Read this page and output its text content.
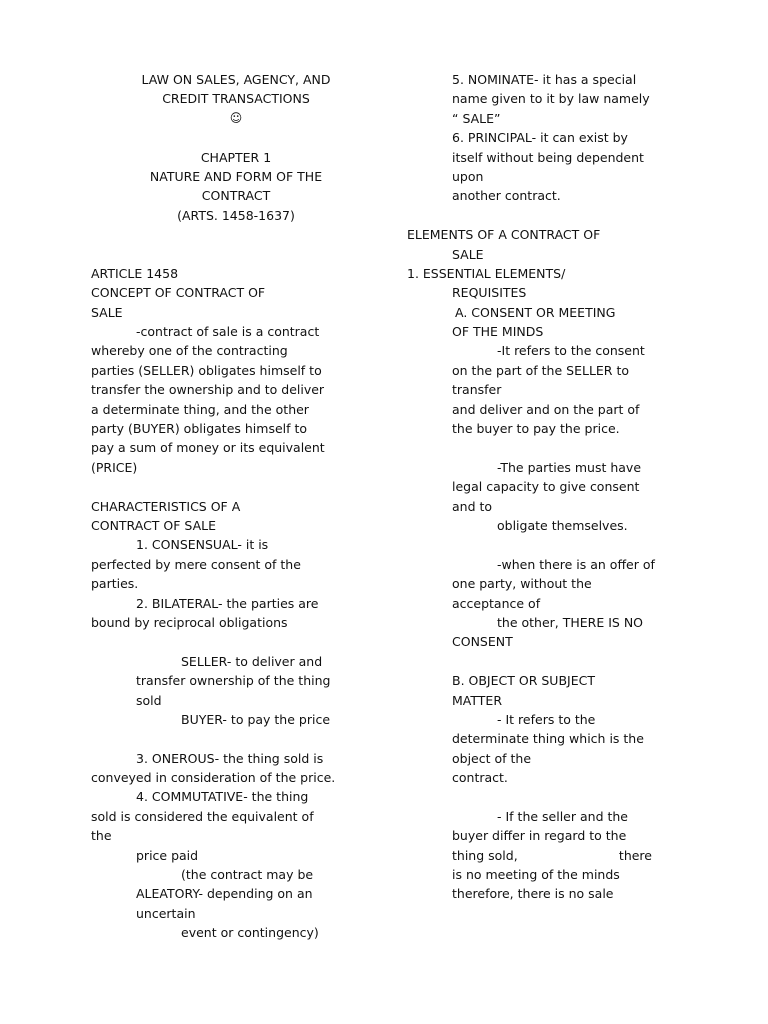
LAW ON SALES, AGENCY, AND
CREDIT TRANSACTIONS
☺
CHAPTER 1
NATURE AND FORM OF THE
CONTRACT
(ARTS. 1458-1637)
ARTICLE 1458
CONCEPT OF CONTRACT OF
SALE
-contract of sale is a contract
whereby one of the contracting
parties (SELLER) obligates himself to
transfer the ownership and to deliver
a determinate thing, and the other
party (BUYER) obligates himself to
pay a sum of money or its equivalent
(PRICE)
CHARACTERISTICS OF A
CONTRACT OF SALE
1. CONSENSUAL- it is
perfected by mere consent of the
parties.
2. BILATERAL- the parties are
bound by reciprocal obligations
SELLER- to deliver and
transfer ownership of the thing
sold
BUYER- to pay the price
3. ONEROUS- the thing sold is
conveyed in consideration of the price.
4. COMMUTATIVE- the thing
sold is considered the equivalent of
the
price paid
(the contract may be
ALEATORY- depending on an
uncertain
event or contingency)
5. NOMINATE- it has a special
name given to it by law namely
“ SALE”
6. PRINCIPAL- it can exist by
itself without being dependent
upon
another contract.
ELEMENTS OF A CONTRACT OF
SALE
1. ESSENTIAL ELEMENTS/
REQUISITES
A. CONSENT OR MEETING
OF THE MINDS
-It refers to the consent
on the part of the SELLER to
transfer
and deliver and on the part of
the buyer to pay the price.
-The parties must have
legal capacity to give consent
and to
obligate themselves.
-when there is an offer of
one party, without the
acceptance of
the other, THERE IS NO
CONSENT
B. OBJECT OR SUBJECT
MATTER
- It refers to the
determinate thing which is the
object of the
contract.
- If the seller and the
buyer differ in regard to the
thing sold,	there
is no meeting of the minds
therefore, there is no sale
